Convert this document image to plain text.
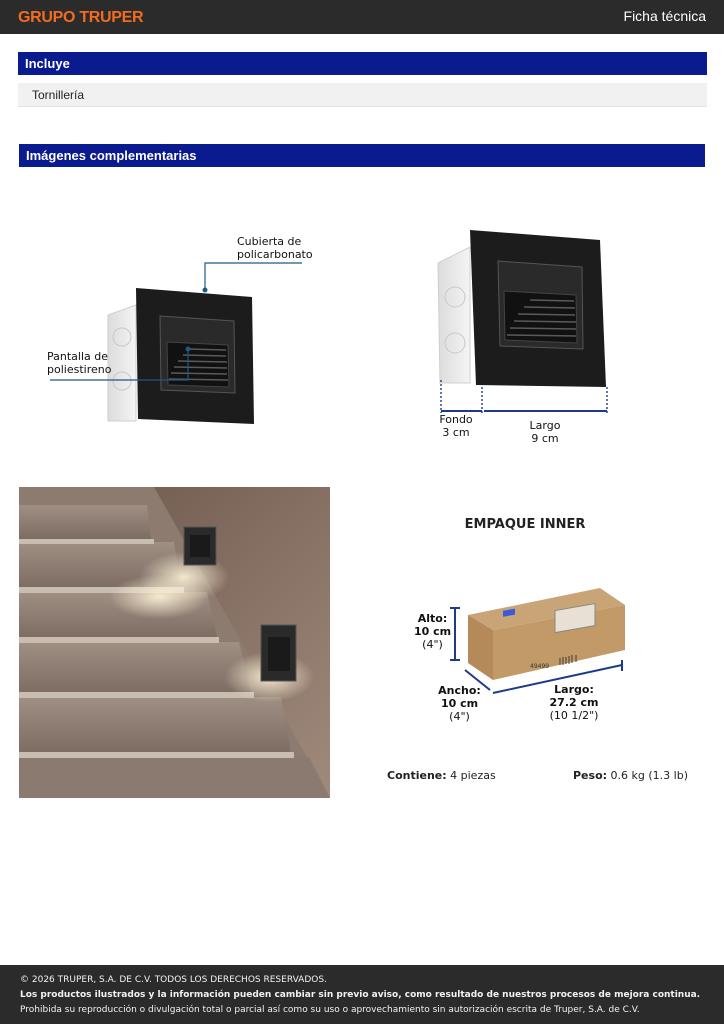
GRUPO TRUPER	Ficha técnica
Incluye
Tornillería
Imágenes complementarias
Cubierta de
policarbonato
Pantalla de
poliestireno
Fondo
3 cm
Largo
9 cm
EMPAQUE INNER
49499
Alto:
10 cm
(4")
Ancho:
10 cm
(4")
Largo:
27.2 cm
(10 1/2")
Contiene: 4 piezas	Peso: 0.6 kg (1.3 lb)
© 2026 TRUPER, S.A. DE C.V. TODOS LOS DERECHOS RESERVADOS.
Los productos ilustrados y la información pueden cambiar sin previo aviso, como resultado de nuestros procesos de mejora continua.
Prohibida su reproducción o divulgación total o parcial así como su uso o aprovechamiento sin autorización escrita de Truper, S.A. de C.V.
